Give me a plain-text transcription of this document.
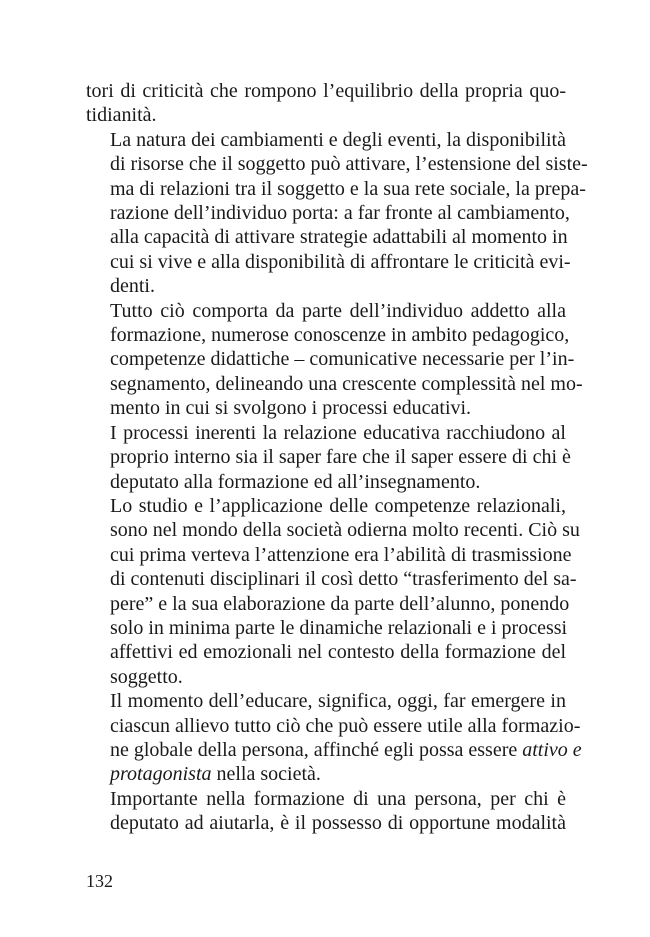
tori di criticità che rompono l’equilibrio della propria quo-
tidianità.

La natura dei cambiamenti e degli eventi, la disponibilità
di risorse che il soggetto può attivare, l’estensione del siste-
ma di relazioni tra il soggetto e la sua rete sociale, la prepa-
razione dell’individuo porta: a far fronte al cambiamento,
alla capacità di attivare strategie adattabili al momento in
cui si vive e alla disponibilità di affrontare le criticità evi-
denti.

Tutto ciò comporta da parte dell’individuo addetto alla
formazione, numerose conoscenze in ambito pedagogico,
competenze didattiche – comunicative necessarie per l’in-
segnamento, delineando una crescente complessità nel mo-
mento in cui si svolgono i processi educativi.

I processi inerenti la relazione educativa racchiudono al
proprio interno sia il saper fare che il saper essere di chi è
deputato alla formazione ed all’insegnamento.

Lo studio e l’applicazione delle competenze relazionali,
sono nel mondo della società odierna molto recenti. Ciò su
cui prima verteva l’attenzione era l’abilità di trasmissione
di contenuti disciplinari il così detto “trasferimento del sa-
pere” e la sua elaborazione da parte dell’alunno, ponendo
solo in minima parte le dinamiche relazionali e i processi
affettivi ed emozionali nel contesto della formazione del
soggetto.

Il momento dell’educare, significa, oggi, far emergere in
ciascun allievo tutto ciò che può essere utile alla formazio-
ne globale della persona, affinché egli possa essere attivo e
protagonista nella società.

Importante nella formazione di una persona, per chi è
deputato ad aiutarla, è il possesso di opportune modalità

132
